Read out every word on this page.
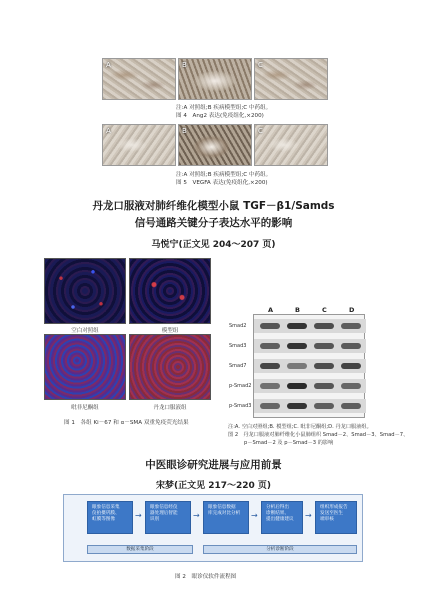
A	B	C
注:A 对照组;B 疾病模型组;C 中药组。
图 4　Ang2 表达(免疫组化,×200)
A	B	C
注:A 对照组;B 疾病模型组;C 中药组。
图 5　VEGFA 表达(免疫组化,×200)
丹龙口服液对肺纤维化模型小鼠 TGF－β1/Samds
信号通路关键分子表达水平的影响
马悦宁(正文见 204～207 页)
空白对照组	模型组
吡非尼酮组	丹龙口服液组
图 1　各组 Ki－67 和 α－SMA 双重免疫荧光结果
A	B	C	D
Smad2
Smad3
Smad7
p-Smad2
p-Smad3
注:A. 空白对照组;B. 模型组;C. 吡非尼酮组;D. 丹龙口服液组。
图 2　丹龙口服液对肺纤维化小鼠肺组织 Smad－2、Smad－3、Smad－7、
p－Smad－2 及 p－Smad－3 的影响
中医眼诊研究进展与应用前景
宋梦(正文见 217～220 页)
眼象信息采集
仪拍摄巩膜、
虹膜等图像	→
眼象信息经仪
器处理后智能
识别	→
眼象信息数据
库完成对比分析	→
分析后得出
诊断结果、
提出健康建议	→
组织形成报告
发送至医生
端审核
数据采集阶段	分析诊断阶段
图 2　眼诊仪软件流程图
